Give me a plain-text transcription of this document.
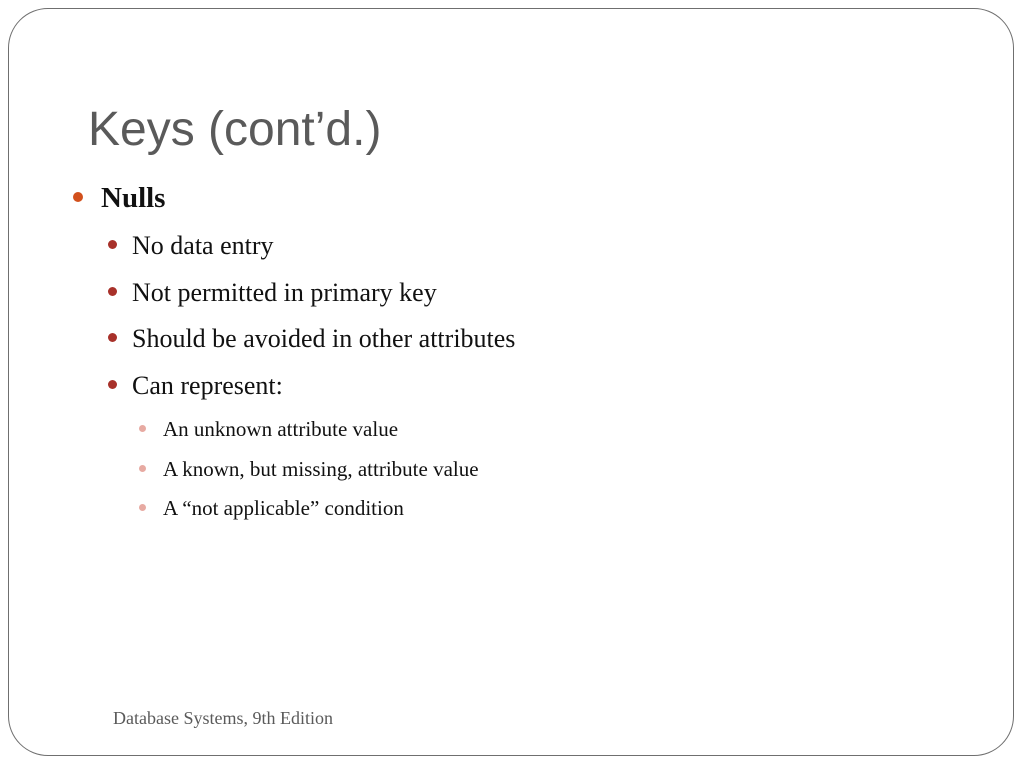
Keys (cont’d.)
Nulls
No data entry
Not permitted in primary key
Should be avoided in other attributes
Can represent:
An unknown attribute value
A known, but missing, attribute value
A “not applicable” condition
Database Systems, 9th Edition
